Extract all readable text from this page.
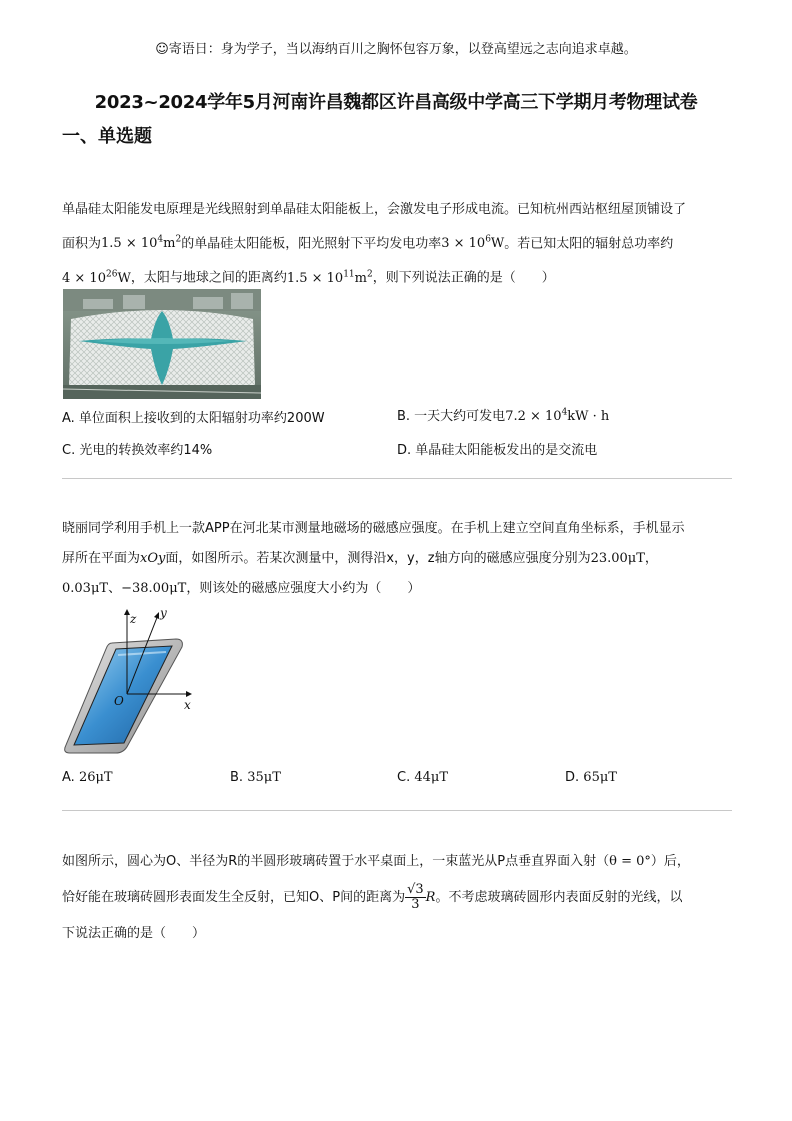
☺寄语日：身为学子，当以海纳百川之胸怀包容万象，以登高望远之志向追求卓越。
2023~2024学年5月河南许昌魏都区许昌高级中学高三下学期月考物理试卷
一、单选题
单晶硅太阳能发电原理是光线照射到单晶硅太阳能板上，会激发电子形成电流。已知杭州西站枢纽屋顶铺设了
面积为$1.5 \times 10^4m^2$的单晶硅太阳能板，阳光照射下平均发电功率$3 \times 10^6W$。若已知太阳的辐射总功率约
$4 \times 10^{26}W$，太阳与地球之间的距离约$1.5 \times 10^{11}m^2$，则下列说法正确的是（　　）
A. 单位面积上接收到的太阳辐射功率约200W	B. 一天大约可发电$7.2 \times 10^4kW \cdot h$
C. 光电的转换效率约14%	D. 单晶硅太阳能板发出的是交流电
晓丽同学利用手机上一款APP在河北某市测量地磁场的磁感应强度。在手机上建立空间直角坐标系，手机显示
屏所在平面为xOy面，如图所示。若某次测量中，测得沿x，y，z轴方向的磁感应强度分别为23.00μT，
0.03μT、−38.00μT，则该处的磁感应强度大小约为（　　）
z y
x
O
A. 26μT	B. 35μT	C. 44μT	D. 65μT
如图所示，圆心为O、半径为R的半圆形玻璃砖置于水平桌面上，一束蓝光从P点垂直界面入射（θ = 0°）后，
恰好能在玻璃砖圆形表面发生全反射，已知O、P间的距离为 $\frac{√3}{3}$ R。不考虑玻璃砖圆形内表面反射的光线，以
下说法正确的是（　　）
